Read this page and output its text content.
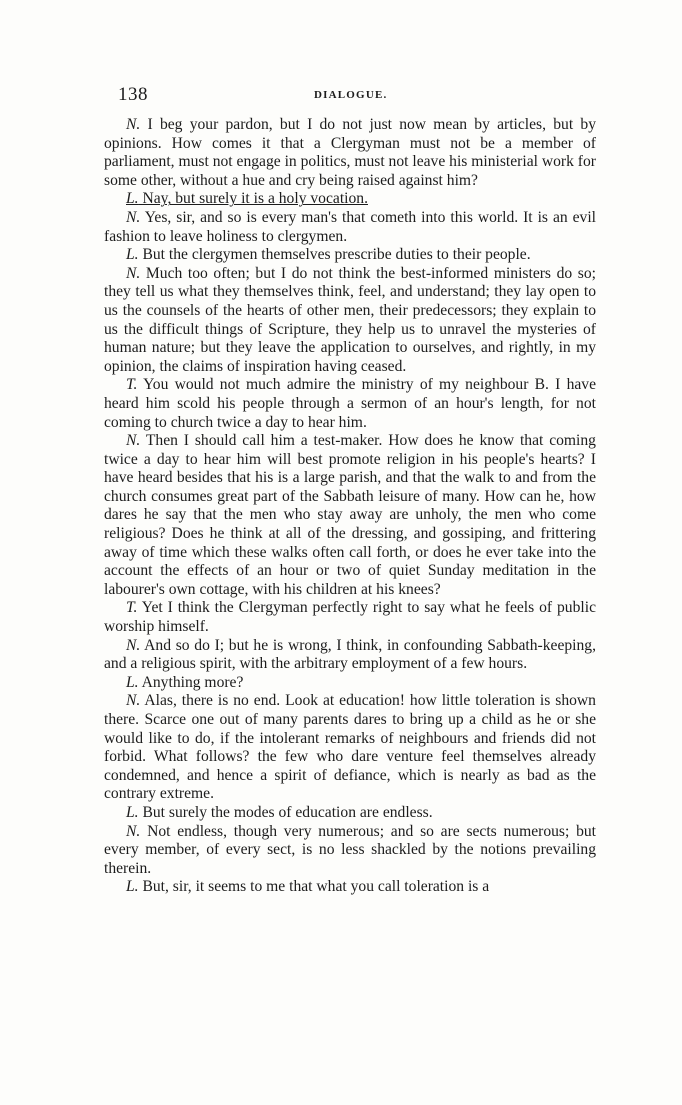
138	DIALOGUE.

N. I beg your pardon, but I do not just now mean by articles, but by opinions. How comes it that a Clergyman must not be a member of parliament, must not engage in politics, must not leave his ministerial work for some other, without a hue and cry being raised against him?

L. Nay, but surely it is a holy vocation.

N. Yes, sir, and so is every man's that cometh into this world. It is an evil fashion to leave holiness to clergymen.

L. But the clergymen themselves prescribe duties to their people.

N. Much too often; but I do not think the best-informed ministers do so; they tell us what they themselves think, feel, and understand; they lay open to us the counsels of the hearts of other men, their predecessors; they explain to us the difficult things of Scripture, they help us to unravel the mysteries of human nature; but they leave the application to ourselves, and rightly, in my opinion, the claims of inspiration having ceased.

T. You would not much admire the ministry of my neighbour B. I have heard him scold his people through a sermon of an hour's length, for not coming to church twice a day to hear him.

N. Then I should call him a test-maker. How does he know that coming twice a day to hear him will best promote religion in his people's hearts? I have heard besides that his is a large parish, and that the walk to and from the church consumes great part of the Sabbath leisure of many. How can he, how dares he say that the men who stay away are unholy, the men who come religious? Does he think at all of the dressing, and gossiping, and frittering away of time which these walks often call forth, or does he ever take into the account the effects of an hour or two of quiet Sunday meditation in the labourer's own cottage, with his children at his knees?

T. Yet I think the Clergyman perfectly right to say what he feels of public worship himself.

N. And so do I; but he is wrong, I think, in confounding Sabbath-keeping, and a religious spirit, with the arbitrary employment of a few hours.

L. Anything more?

N. Alas, there is no end. Look at education! how little toleration is shown there. Scarce one out of many parents dares to bring up a child as he or she would like to do, if the intolerant remarks of neighbours and friends did not forbid. What follows? the few who dare venture feel themselves already condemned, and hence a spirit of defiance, which is nearly as bad as the contrary extreme.

L. But surely the modes of education are endless.

N. Not endless, though very numerous; and so are sects numerous; but every member, of every sect, is no less shackled by the notions prevailing therein.

L. But, sir, it seems to me that what you call toleration is a
